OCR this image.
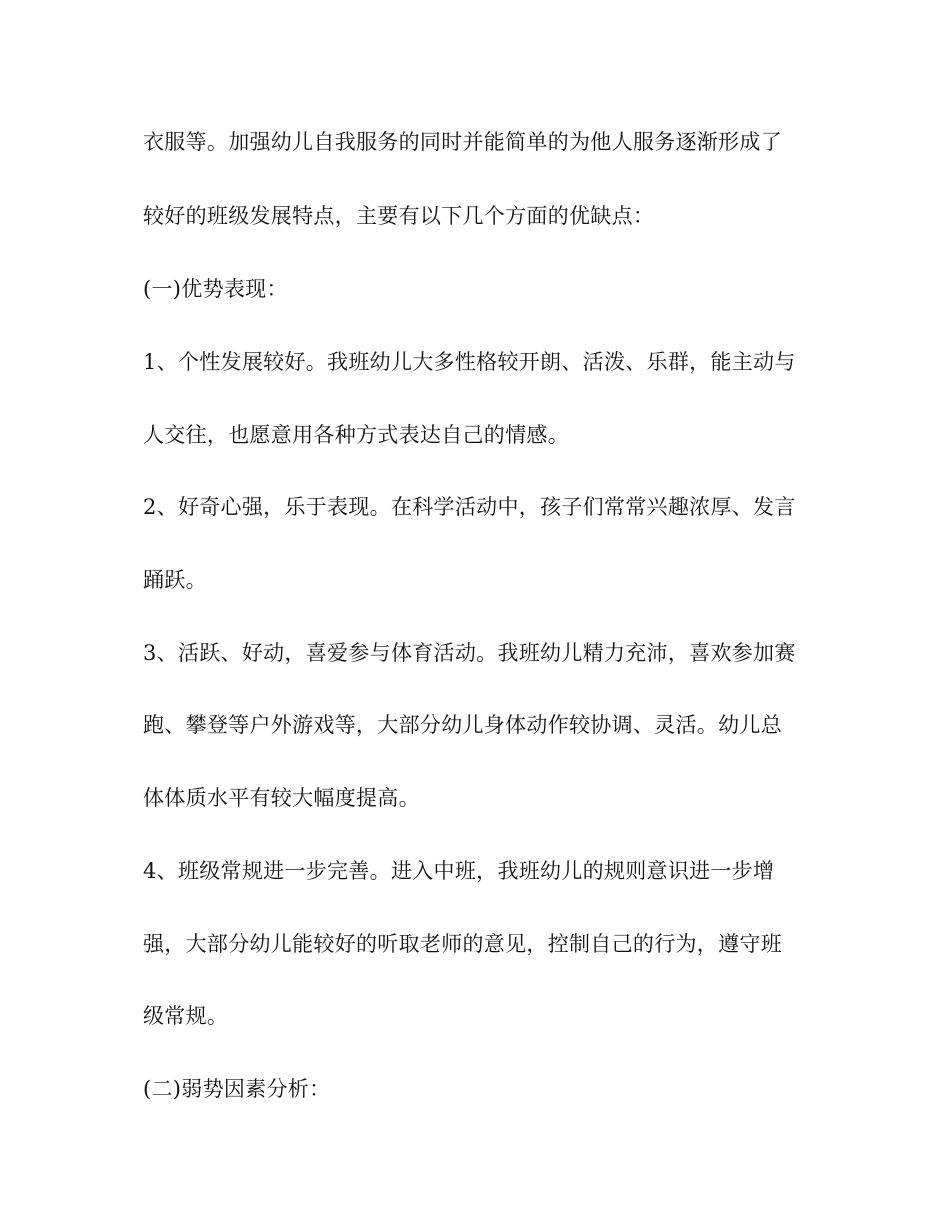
衣服等。加强幼儿自我服务的同时并能简单的为他人服务逐渐形成了
较好的班级发展特点，主要有以下几个方面的优缺点：
(一)优势表现：
1、个性发展较好。我班幼儿大多性格较开朗、活泼、乐群，能主动与
人交往，也愿意用各种方式表达自己的情感。
2、好奇心强，乐于表现。在科学活动中，孩子们常常兴趣浓厚、发言
踊跃。
3、活跃、好动，喜爱参与体育活动。我班幼儿精力充沛，喜欢参加赛
跑、攀登等户外游戏等，大部分幼儿身体动作较协调、灵活。幼儿总
体体质水平有较大幅度提高。
4、班级常规进一步完善。进入中班，我班幼儿的规则意识进一步增
强，大部分幼儿能较好的听取老师的意见，控制自己的行为，遵守班
级常规。
(二)弱势因素分析：
